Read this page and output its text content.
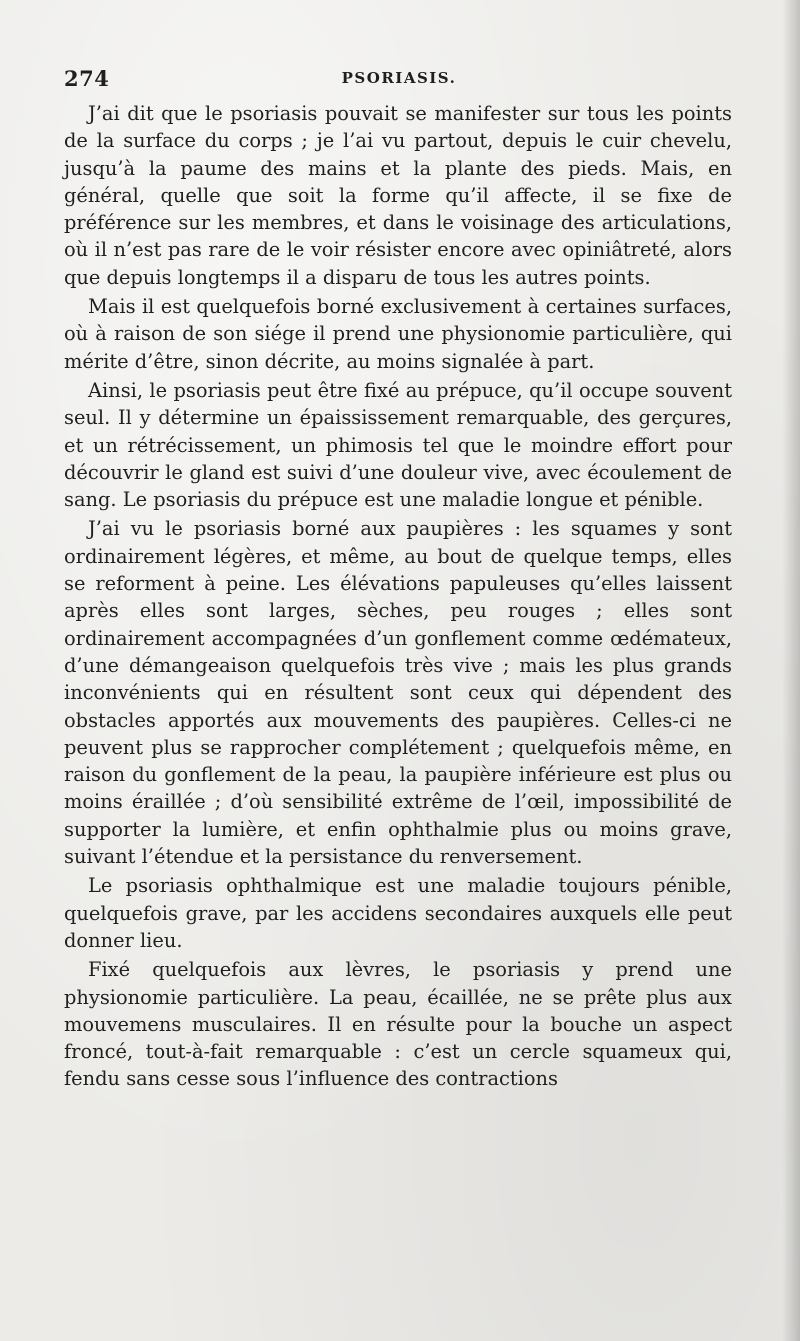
274	PSORIASIS.

J’ai dit que le psoriasis pouvait se manifester sur tous les points de la surface du corps ; je l’ai vu partout, depuis le cuir chevelu, jusqu’à la paume des mains et la plante des pieds. Mais, en général, quelle que soit la forme qu’il affecte, il se fixe de préférence sur les membres, et dans le voisinage des articulations, où il n’est pas rare de le voir résister encore avec opiniâtreté, alors que depuis longtemps il a disparu de tous les autres points.

Mais il est quelquefois borné exclusivement à certaines surfaces, où à raison de son siége il prend une physionomie particulière, qui mérite d’être, sinon décrite, au moins signalée à part.

Ainsi, le psoriasis peut être fixé au prépuce, qu’il occupe souvent seul. Il y détermine un épaississement remarquable, des gerçures, et un rétrécissement, un phimosis tel que le moindre effort pour découvrir le gland est suivi d’une douleur vive, avec écoulement de sang. Le psoriasis du prépuce est une maladie longue et pénible.

J’ai vu le psoriasis borné aux paupières : les squames y sont ordinairement légères, et même, au bout de quelque temps, elles se reforment à peine. Les élévations papuleuses qu’elles laissent après elles sont larges, sèches, peu rouges ; elles sont ordinairement accompagnées d’un gonflement comme œdémateux, d’une démangeaison quelquefois très vive ; mais les plus grands inconvénients qui en résultent sont ceux qui dépendent des obstacles apportés aux mouvements des paupières. Celles-ci ne peuvent plus se rapprocher complétement ; quelquefois même, en raison du gonflement de la peau, la paupière inférieure est plus ou moins éraillée ; d’où sensibilité extrême de l’œil, impossibilité de supporter la lumière, et enfin ophthalmie plus ou moins grave, suivant l’étendue et la persistance du renversement.

Le psoriasis ophthalmique est une maladie toujours pénible, quelquefois grave, par les accidens secondaires auxquels elle peut donner lieu.

Fixé quelquefois aux lèvres, le psoriasis y prend une physionomie particulière. La peau, écaillée, ne se prête plus aux mouvemens musculaires. Il en résulte pour la bouche un aspect froncé, tout-à-fait remarquable : c’est un cercle squameux qui, fendu sans cesse sous l’influence des contractions
